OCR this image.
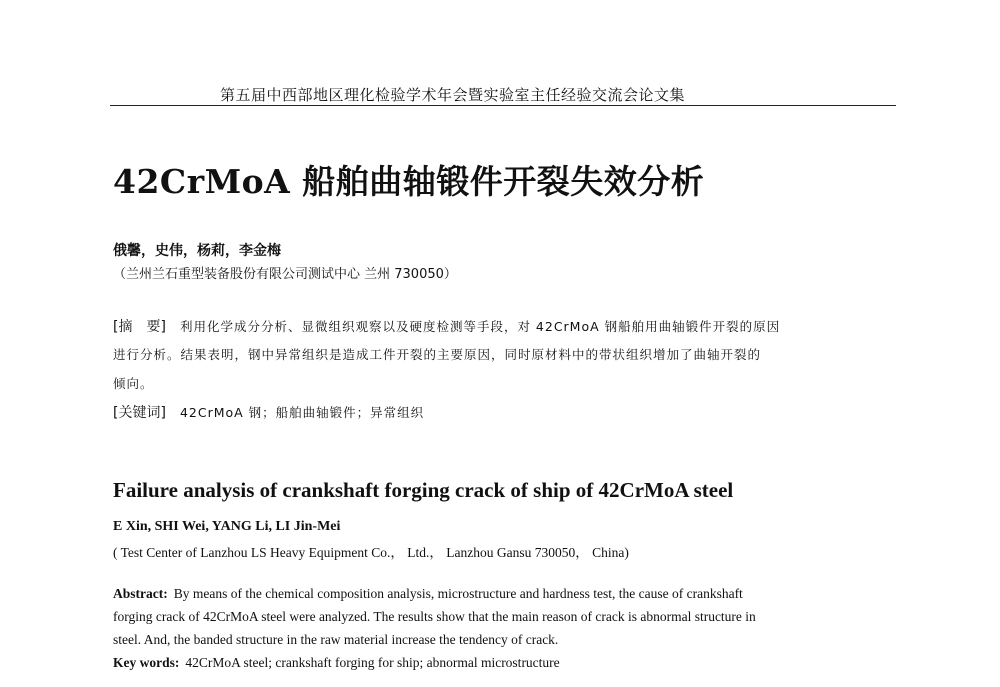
第五届中西部地区理化检验学术年会暨实验室主任经验交流会论文集
42CrMoA 船舶曲轴锻件开裂失效分析
俄馨，史伟，杨莉，李金梅
（兰州兰石重型装备股份有限公司测试中心 兰州 730050）
[摘　要] 利用化学成分分析、显微组织观察以及硬度检测等手段，对 42CrMoA 钢船舶用曲轴锻件开裂的原因
进行分析。结果表明，钢中异常组织是造成工件开裂的主要原因，同时原材料中的带状组织增加了曲轴开裂的
倾向。
[关键词] 42CrMoA 钢；船舶曲轴锻件；异常组织
Failure analysis of crankshaft forging crack of ship of 42CrMoA steel
E Xin, SHI Wei, YANG Li, LI Jin-Mei
( Test Center of Lanzhou LS Heavy Equipment Co.， Ltd.， Lanzhou Gansu 730050， China)
Abstract: By means of the chemical composition analysis, microstructure and hardness test, the cause of crankshaft
forging crack of 42CrMoA steel were analyzed. The results show that the main reason of crack is abnormal structure in
steel. And, the banded structure in the raw material increase the tendency of crack.
Key words: 42CrMoA steel; crankshaft forging for ship; abnormal microstructure
